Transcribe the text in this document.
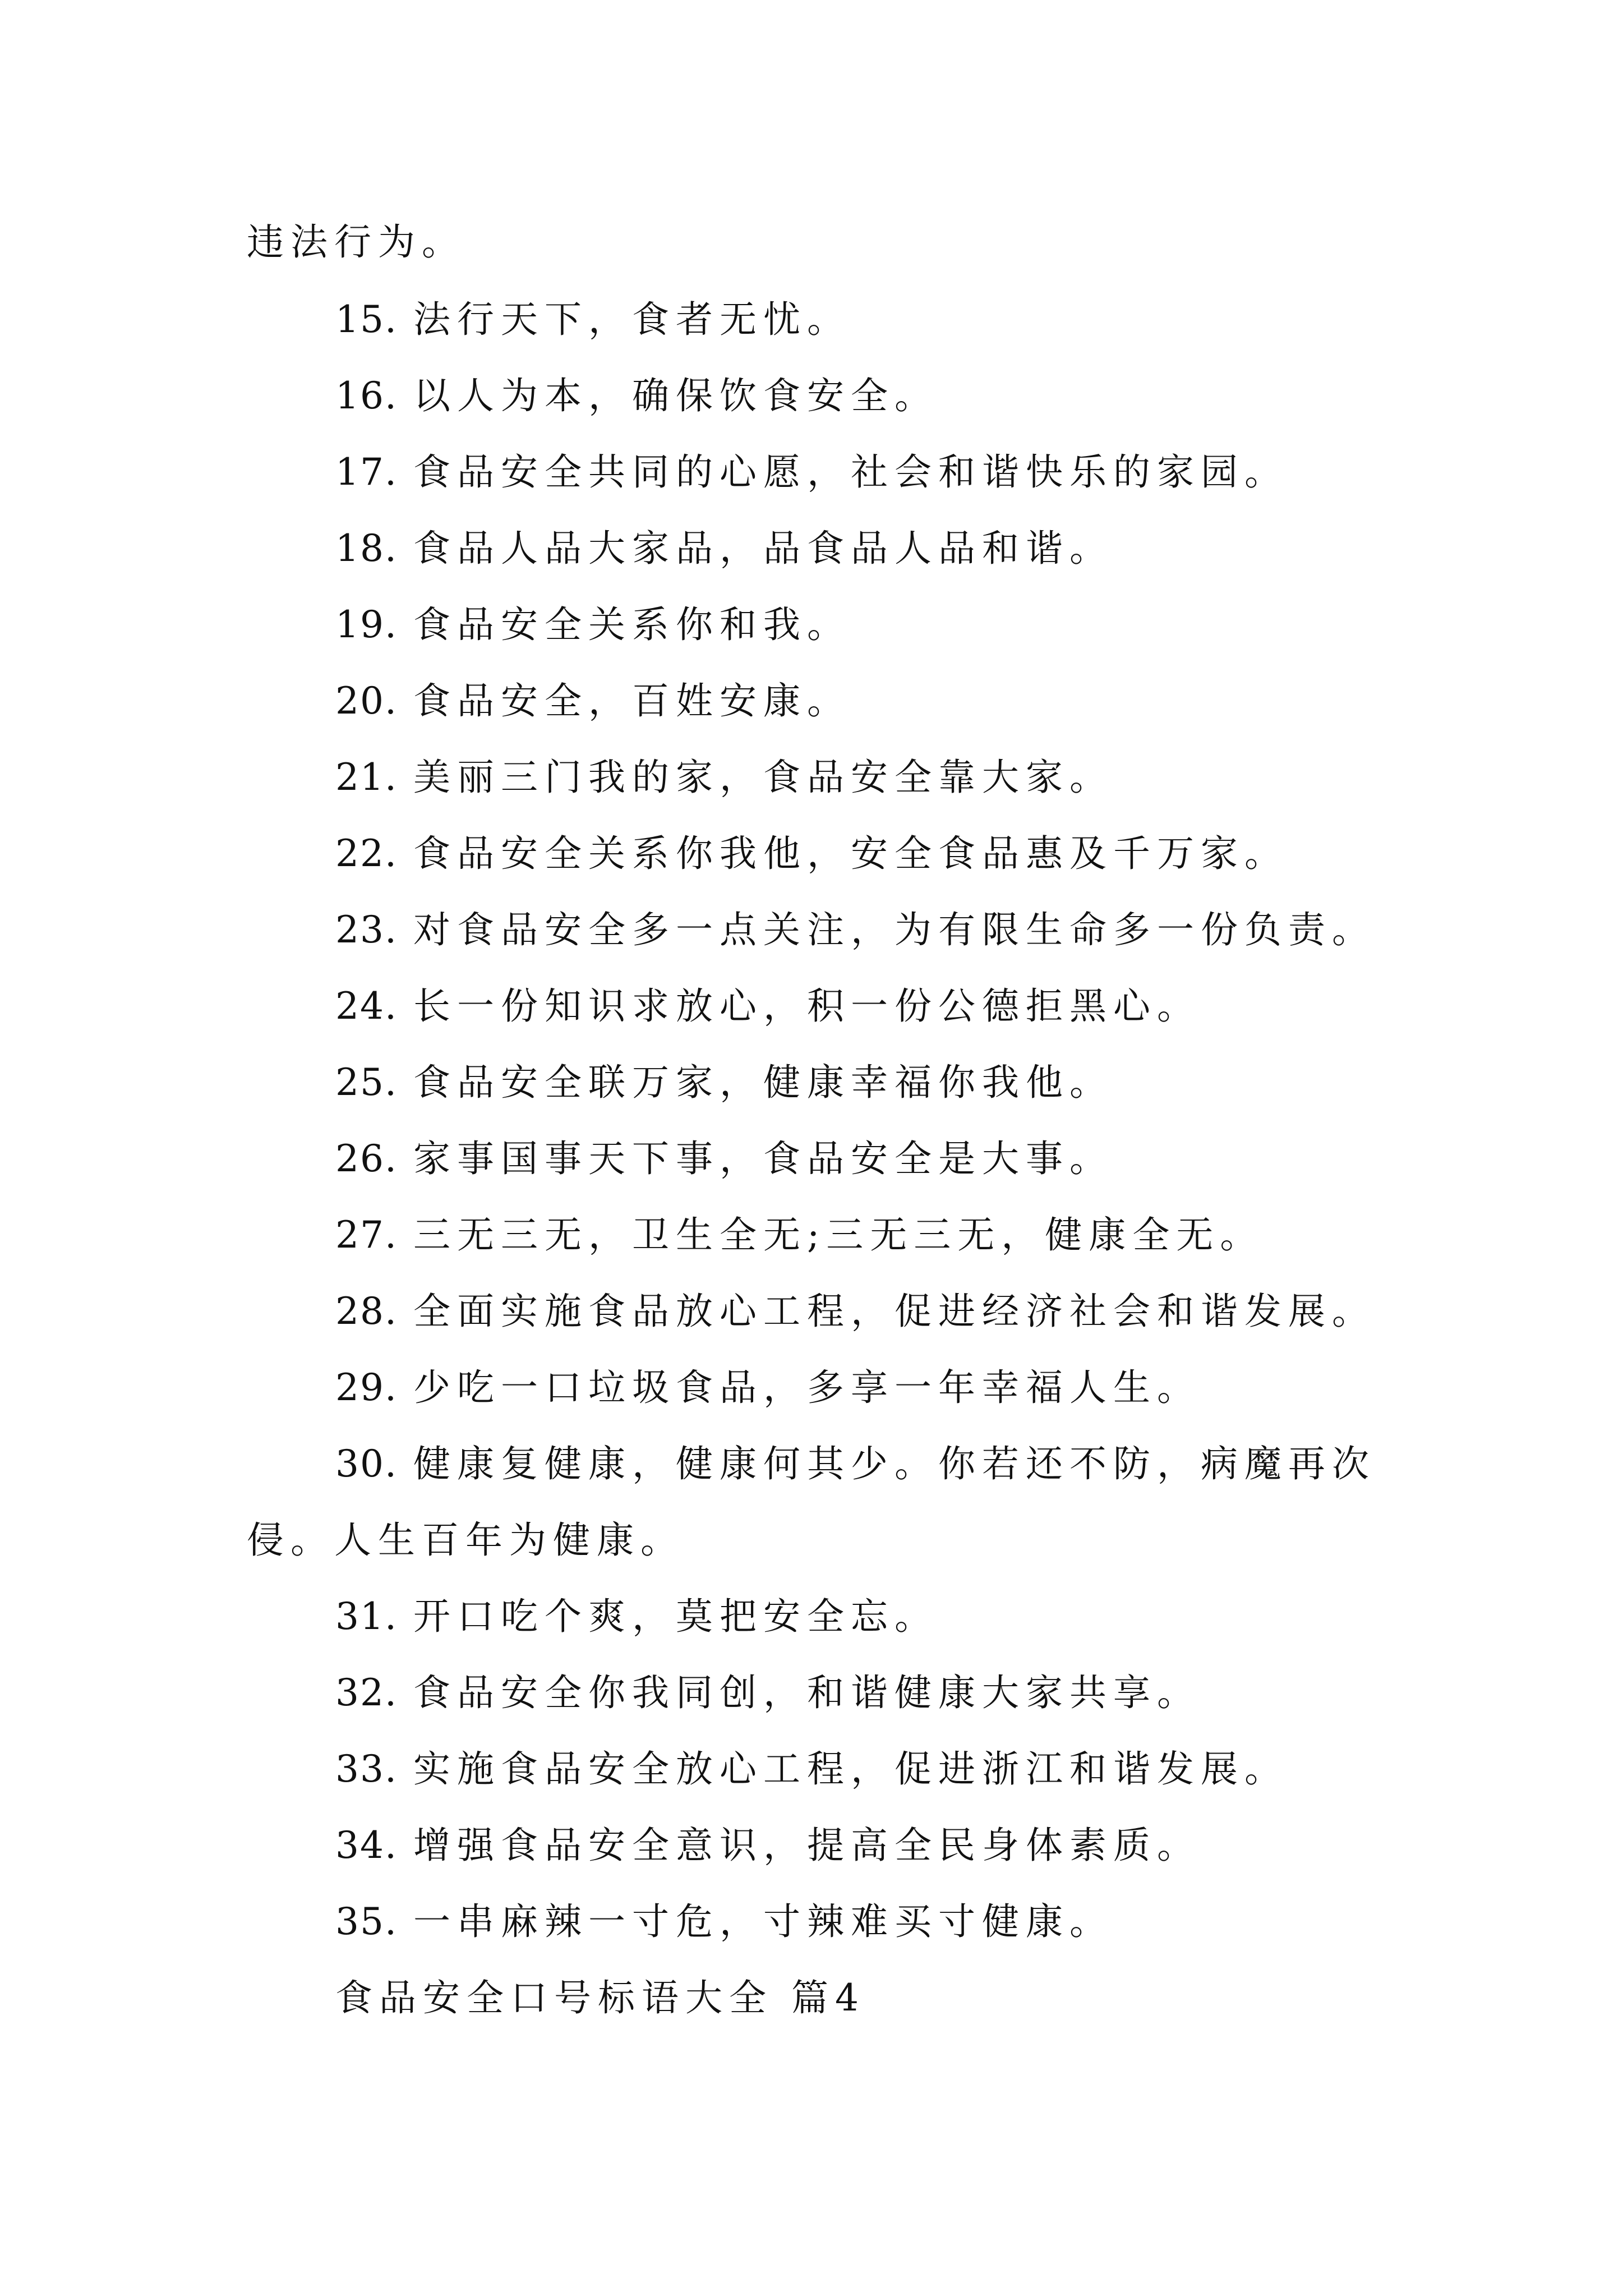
违法行为。
15. 法行天下，食者无忧。
16. 以人为本，确保饮食安全。
17. 食品安全共同的心愿，社会和谐快乐的家园。
18. 食品人品大家品，品食品人品和谐。
19. 食品安全关系你和我。
20. 食品安全，百姓安康。
21. 美丽三门我的家，食品安全靠大家。
22. 食品安全关系你我他，安全食品惠及千万家。
23. 对食品安全多一点关注，为有限生命多一份负责。
24. 长一份知识求放心，积一份公德拒黑心。
25. 食品安全联万家，健康幸福你我他。
26. 家事国事天下事，食品安全是大事。
27. 三无三无，卫生全无;三无三无，健康全无。
28. 全面实施食品放心工程，促进经济社会和谐发展。
29. 少吃一口垃圾食品，多享一年幸福人生。
30. 健康复健康，健康何其少。你若还不防，病魔再次
侵。人生百年为健康。
31. 开口吃个爽，莫把安全忘。
32. 食品安全你我同创，和谐健康大家共享。
33. 实施食品安全放心工程，促进浙江和谐发展。
34. 增强食品安全意识，提高全民身体素质。
35. 一串麻辣一寸危，寸辣难买寸健康。
食品安全口号标语大全 篇4
